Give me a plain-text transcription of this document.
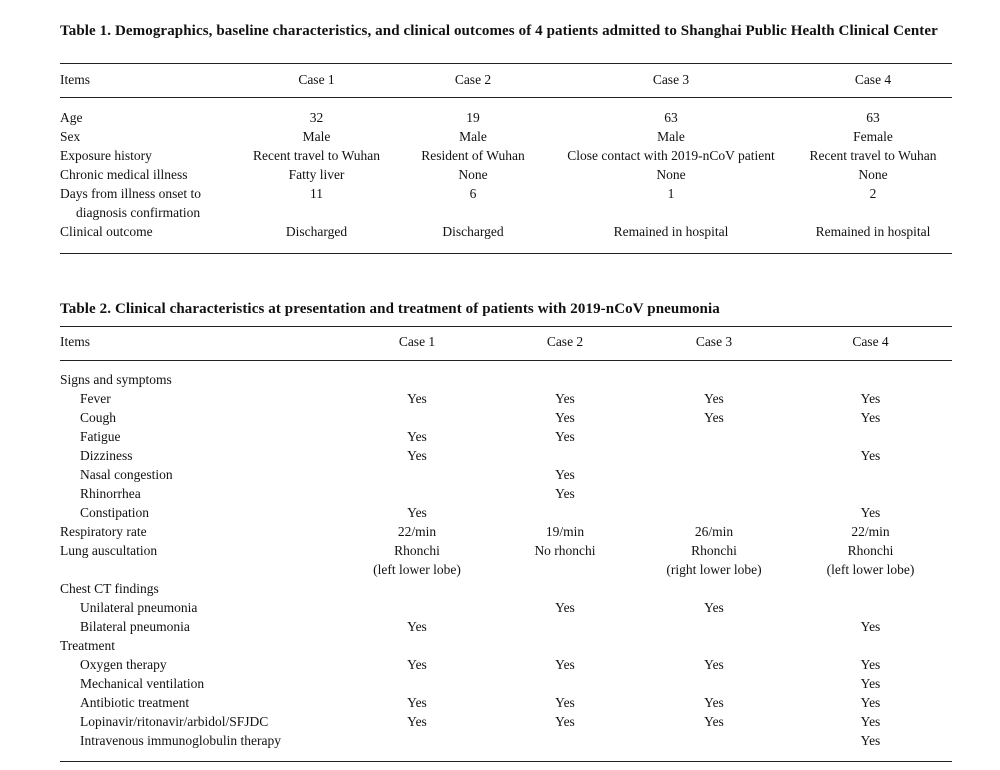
Table 1. Demographics, baseline characteristics, and clinical outcomes of 4 patients admitted to Shanghai Public Health Clinical Center
Items	Case 1	Case 2	Case 3	Case 4
Age	32	19	63	63
Sex	Male	Male	Male	Female
Exposure history	Recent travel to Wuhan	Resident of Wuhan	Close contact with 2019-nCoV patient	Recent travel to Wuhan
Chronic medical illness	Fatty liver	None	None	None
Days from illness onset to
diagnosis confirmation	11	6	1	2
Clinical outcome	Discharged	Discharged	Remained in hospital	Remained in hospital
Table 2. Clinical characteristics at presentation and treatment of patients with 2019-nCoV pneumonia
Items	Case 1	Case 2	Case 3	Case 4
Signs and symptoms				
Fever	Yes	Yes	Yes	Yes
Cough		Yes	Yes	Yes
Fatigue	Yes	Yes		
Dizziness	Yes			Yes
Nasal congestion		Yes		
Rhinorrhea		Yes		
Constipation	Yes			Yes
Respiratory rate	22/min	19/min	26/min	22/min
Lung auscultation	Rhonchi	No rhonchi	Rhonchi	Rhonchi
	(left lower lobe)		(right lower lobe)	(left lower lobe)
Chest CT findings				
Unilateral pneumonia		Yes	Yes	
Bilateral pneumonia	Yes			Yes
Treatment				
Oxygen therapy	Yes	Yes	Yes	Yes
Mechanical ventilation				Yes
Antibiotic treatment	Yes	Yes	Yes	Yes
Lopinavir/ritonavir/arbidol/SFJDC	Yes	Yes	Yes	Yes
Intravenous immunoglobulin therapy				Yes
